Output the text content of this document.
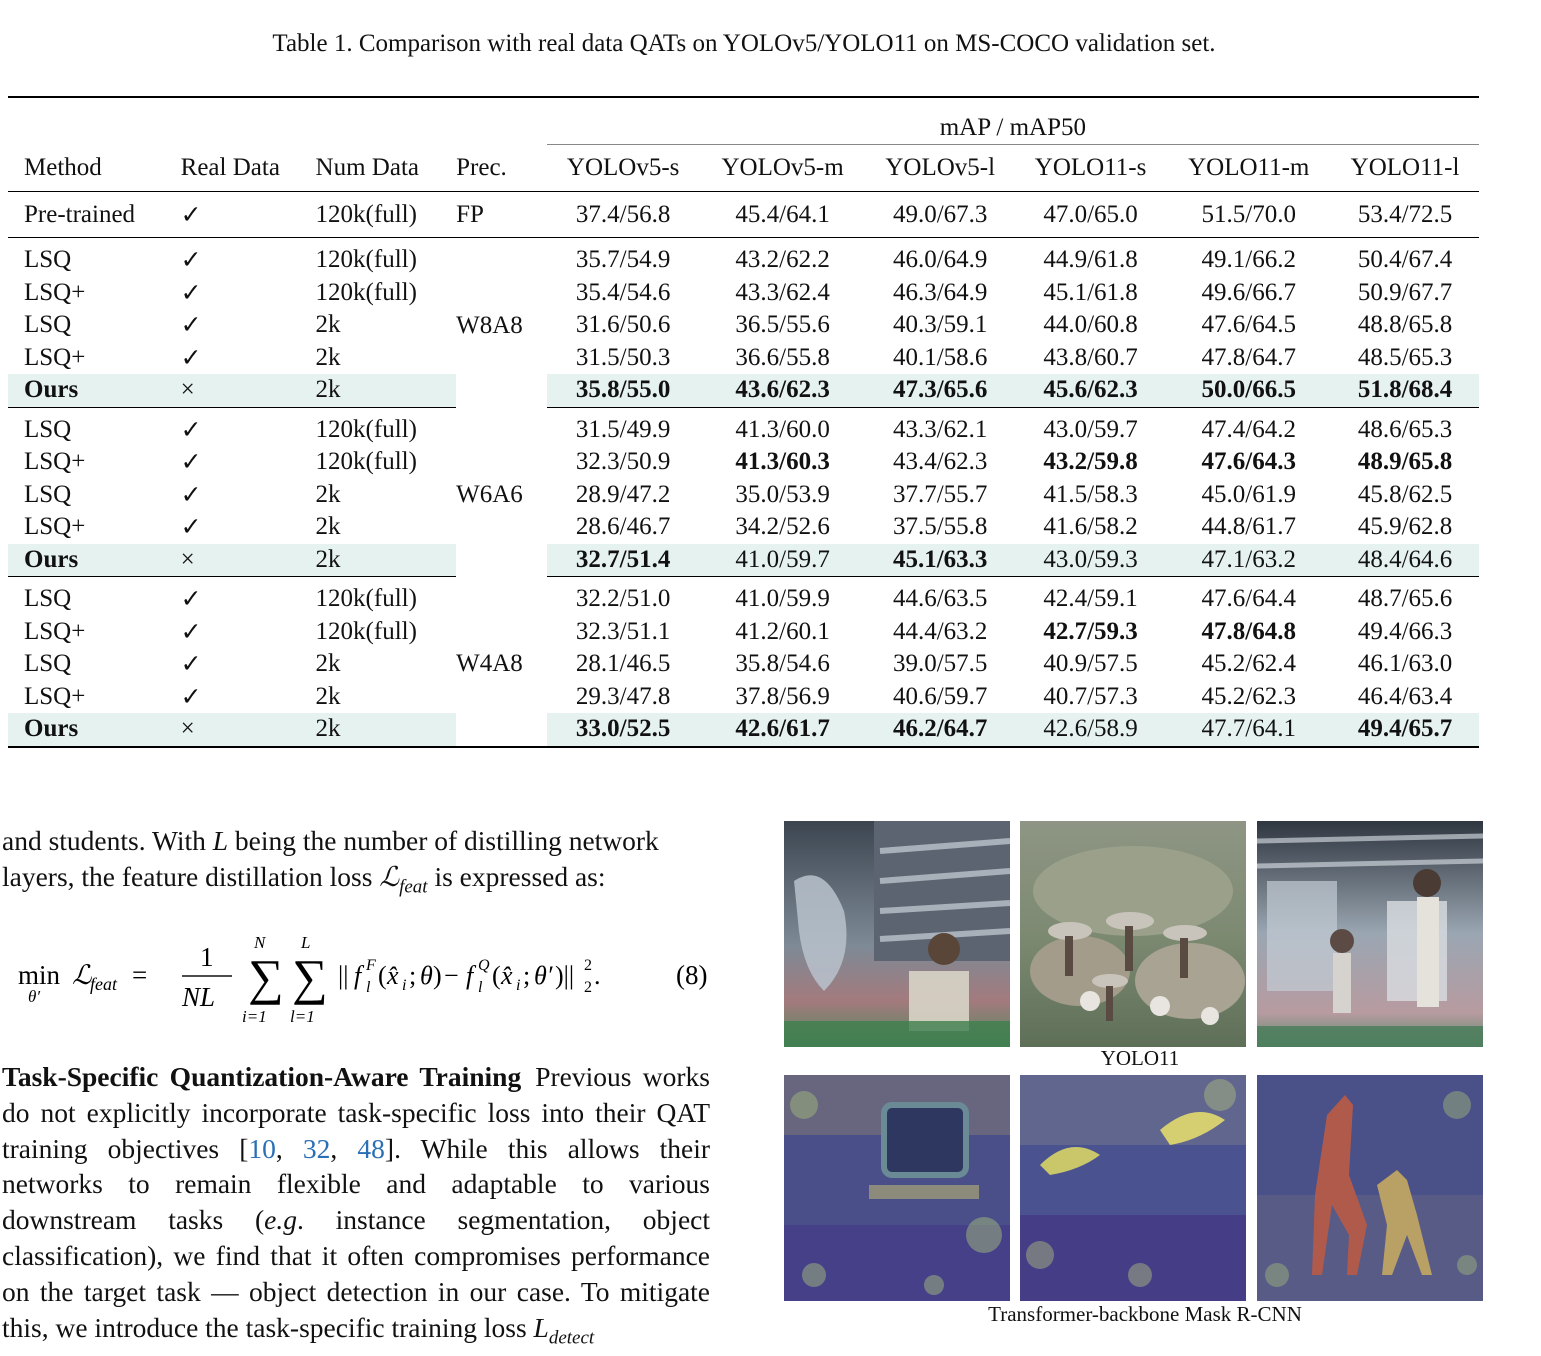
Table 1. Comparison with real data QATs on YOLOv5/YOLO11 on MS-COCO validation set.
				mAP / mAP50					
Method	Real Data	Num Data	Prec.	YOLOv5-s	YOLOv5-m	YOLOv5-l	YOLO11-s	YOLO11-m	YOLO11-l
Pre-trained	✓	120k(full)	FP	37.4/56.8	45.4/64.1	49.0/67.3	47.0/65.0	51.5/70.0	53.4/72.5
LSQ	✓	120k(full)	W8A8	35.7/54.9	43.2/62.2	46.0/64.9	44.9/61.8	49.1/66.2	50.4/67.4
LSQ+	✓	120k(full)		35.4/54.6	43.3/62.4	46.3/64.9	45.1/61.8	49.6/66.7	50.9/67.7
LSQ	✓	2k		31.6/50.6	36.5/55.6	40.3/59.1	44.0/60.8	47.6/64.5	48.8/65.8
LSQ+	✓	2k		31.5/50.3	36.6/55.8	40.1/58.6	43.8/60.7	47.8/64.7	48.5/65.3
Ours	×	2k		35.8/55.0	43.6/62.3	47.3/65.6	45.6/62.3	50.0/66.5	51.8/68.4
LSQ	✓	120k(full)	W6A6	31.5/49.9	41.3/60.0	43.3/62.1	43.0/59.7	47.4/64.2	48.6/65.3
LSQ+	✓	120k(full)		32.3/50.9	41.3/60.3	43.4/62.3	43.2/59.8	47.6/64.3	48.9/65.8
LSQ	✓	2k		28.9/47.2	35.0/53.9	37.7/55.7	41.5/58.3	45.0/61.9	45.8/62.5
LSQ+	✓	2k		28.6/46.7	34.2/52.6	37.5/55.8	41.6/58.2	44.8/61.7	45.9/62.8
Ours	×	2k		32.7/51.4	41.0/59.7	45.1/63.3	43.0/59.3	47.1/63.2	48.4/64.6
LSQ	✓	120k(full)	W4A8	32.2/51.0	41.0/59.9	44.6/63.5	42.4/59.1	47.6/64.4	48.7/65.6
LSQ+	✓	120k(full)		32.3/51.1	41.2/60.1	44.4/63.2	42.7/59.3	47.8/64.8	49.4/66.3
LSQ	✓	2k		28.1/46.5	35.8/54.6	39.0/57.5	40.9/57.5	45.2/62.4	46.1/63.0
LSQ+	✓	2k		29.3/47.8	37.8/56.9	40.6/59.7	40.7/57.3	45.2/62.3	46.4/63.4
Ours	×	2k		33.0/52.5	42.6/61.7	46.2/64.7	42.6/58.9	47.7/64.1	49.4/65.7
and students. With L being the number of distilling network layers, the feature distillation loss ℒ$_{feat}$ is expressed as:
min
θ′
ℒ
feat =
1
NL ∑
N
i=1
∑
L
l=1
|| f F
l ( x̂ i ; θ ) − f Q
l ( x̂ i ; θ′ )|| 2
2 .	(8)
Task-Specific Quantization-Aware Training Previous works do not explicitly incorporate task-specific loss into their QAT training objectives [10, 32, 48]. While this allows their networks to remain flexible and adaptable to various downstream tasks (e.g. instance segmentation, object classification), we find that it often compromises performance on the target task — object detection in our case. To mitigate this, we introduce the task-specific training loss $L_{detect}$
YOLO11
Transformer-backbone Mask R-CNN
